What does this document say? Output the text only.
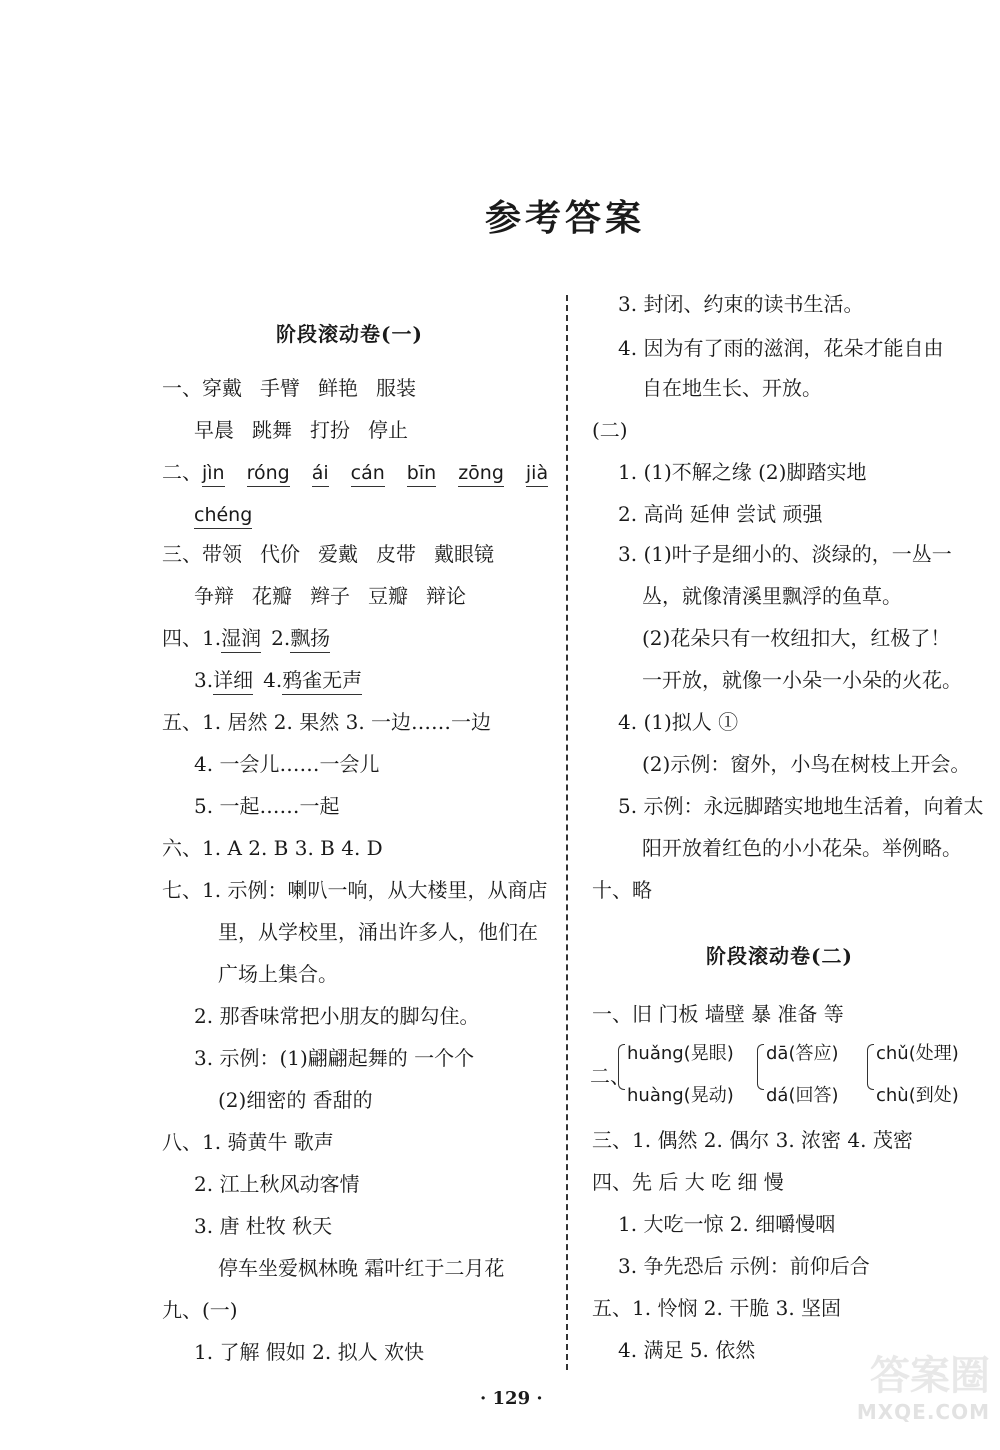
参考答案
阶段滚动卷(一)
一、穿戴 手臂 鲜艳 服装
早晨 跳舞 打扮 停止
二、jìn róng ái cán bīn zōng jià
chéng
三、带领 代价 爱戴 皮带 戴眼镜
争辩 花瓣 辫子 豆瓣 辩论
四、1.湿润 2.飘扬
3.详细 4.鸦雀无声
五、1. 居然 2. 果然 3. 一边……一边
4. 一会儿……一会儿
5. 一起……一起
六、1. A 2. B 3. B 4. D
七、1. 示例：喇叭一响，从大楼里，从商店
里，从学校里，涌出许多人，他们在
广场上集合。
2. 那香味常把小朋友的脚勾住。
3. 示例：(1)翩翩起舞的 一个个
(2)细密的 香甜的
八、1. 骑黄牛 歌声
2. 江上秋风动客情
3. 唐 杜牧 秋天
停车坐爱枫林晚 霜叶红于二月花
九、(一)
1. 了解 假如 2. 拟人 欢快
3. 封闭、约束的读书生活。
4. 因为有了雨的滋润，花朵才能自由
自在地生长、开放。
(二)
1. (1)不解之缘 (2)脚踏实地
2. 高尚 延伸 尝试 顽强
3. (1)叶子是细小的、淡绿的，一丛一
丛，就像清溪里飘浮的鱼草。
(2)花朵只有一枚纽扣大，红极了！
一开放，就像一小朵一小朵的火花。
4. (1)拟人 ①
(2)示例：窗外，小鸟在树枝上开会。
5. 示例：永远脚踏实地地生活着，向着太
阳开放着红色的小小花朵。举例略。
十、略
阶段滚动卷(二)
一、旧 门板 墙壁 暴 准备 等
二、
huǎng(晃眼)
huàng(晃动)
dā(答应)
dá(回答)
chǔ(处理)
chù(到处)
三、1. 偶然 2. 偶尔 3. 浓密 4. 茂密
四、先 后 大 吃 细 慢
1. 大吃一惊 2. 细嚼慢咽
3. 争先恐后 示例：前仰后合
五、1. 怜悯 2. 干脆 3. 坚固
4. 满足 5. 依然
· 129 ·	答案圈
MXQE.COM
